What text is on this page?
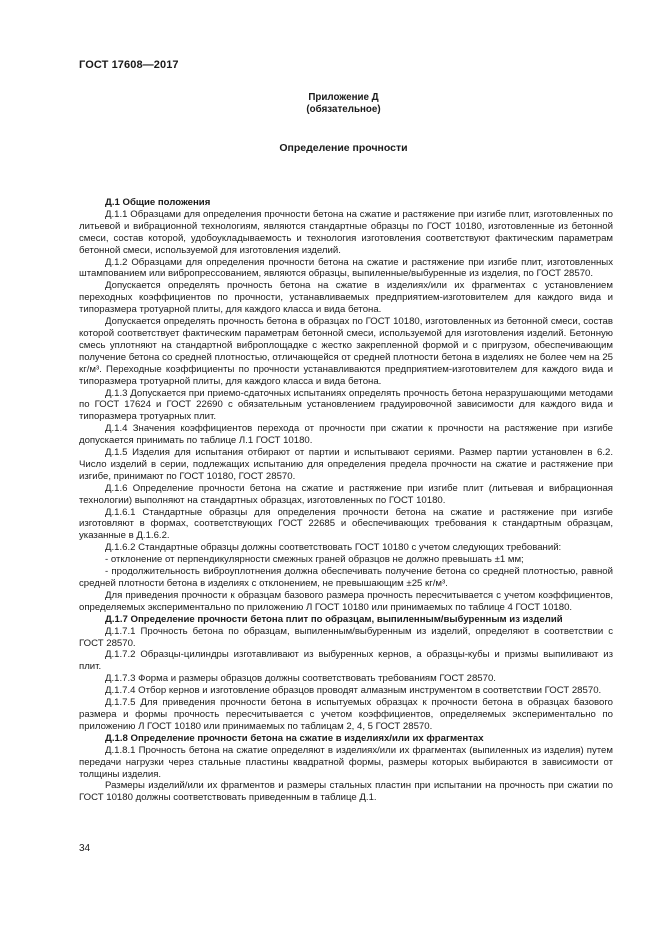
ГОСТ 17608—2017
Приложение Д
(обязательное)
Определение прочности

Д.1 Общие положения

Д.1.1 Образцами для определения прочности бетона на сжатие и растяжение при изгибе плит, изготовленных по литьевой и вибрационной технологиям, являются стандартные образцы по ГОСТ 10180, изготовленные из бетонной смеси, состав которой, удобоукладываемость и технология изготовления соответствуют фактическим параметрам бетонной смеси, используемой для изготовления изделий.

Д.1.2 Образцами для определения прочности бетона на сжатие и растяжение при изгибе плит, изготовленных штампованием или вибропрессованием, являются образцы, выпиленные/выбуренные из изделия, по ГОСТ 28570.

Допускается определять прочность бетона на сжатие в изделиях/или их фрагментах с установлением переходных коэффициентов по прочности, устанавливаемых предприятием-изготовителем для каждого вида и типоразмера тротуарной плиты, для каждого класса и вида бетона.

Допускается определять прочность бетона в образцах по ГОСТ 10180, изготовленных из бетонной смеси, состав которой соответствует фактическим параметрам бетонной смеси, используемой для изготовления изделий. Бетонную смесь уплотняют на стандартной виброплощадке с жестко закрепленной формой и с пригрузом, обеспечивающим получение бетона со средней плотностью, отличающейся от средней плотности бетона в изделиях не более чем на 25 кг/м³. Переходные коэффициенты по прочности устанавливаются предприятием-изготовителем для каждого вида и типоразмера тротуарной плиты, для каждого класса и вида бетона.

Д.1.3 Допускается при приемо-сдаточных испытаниях определять прочность бетона неразрушающими методами по ГОСТ 17624 и ГОСТ 22690 с обязательным установлением градуировочной зависимости для каждого вида и типоразмера тротуарных плит.

Д.1.4 Значения коэффициентов перехода от прочности при сжатии к прочности на растяжение при изгибе допускается принимать по таблице Л.1 ГОСТ 10180.

Д.1.5 Изделия для испытания отбирают от партии и испытывают сериями. Размер партии установлен в 6.2. Число изделий в серии, подлежащих испытанию для определения предела прочности на сжатие и растяжение при изгибе, принимают по ГОСТ 10180, ГОСТ 28570.

Д.1.6 Определение прочности бетона на сжатие и растяжение при изгибе плит (литьевая и вибрационная технологии) выполняют на стандартных образцах, изготовленных по ГОСТ 10180.

Д.1.6.1 Стандартные образцы для определения прочности бетона на сжатие и растяжение при изгибе изготовляют в формах, соответствующих ГОСТ 22685 и обеспечивающих требования к стандартным образцам, указанные в Д.1.6.2.

Д.1.6.2 Стандартные образцы должны соответствовать ГОСТ 10180 с учетом следующих требований:

- отклонение от перпендикулярности смежных граней образцов не должно превышать ±1 мм;

- продолжительность виброуплотнения должна обеспечивать получение бетона со средней плотностью, равной средней плотности бетона в изделиях с отклонением, не превышающим ±25 кг/м³.

Для приведения прочности к образцам базового размера прочность пересчитывается с учетом коэффициентов, определяемых экспериментально по приложению Л ГОСТ 10180 или принимаемых по таблице 4 ГОСТ 10180.

Д.1.7 Определение прочности бетона плит по образцам, выпиленным/выбуренным из изделий

Д.1.7.1 Прочность бетона по образцам, выпиленным/выбуренным из изделий, определяют в соответствии с ГОСТ 28570.

Д.1.7.2 Образцы-цилиндры изготавливают из выбуренных кернов, а образцы-кубы и призмы выпиливают из плит.

Д.1.7.3 Форма и размеры образцов должны соответствовать требованиям ГОСТ 28570.

Д.1.7.4 Отбор кернов и изготовление образцов проводят алмазным инструментом в соответствии ГОСТ 28570.

Д.1.7.5 Для приведения прочности бетона в испытуемых образцах к прочности бетона в образцах базового размера и формы прочность пересчитывается с учетом коэффициентов, определяемых экспериментально по приложению Л ГОСТ 10180 или принимаемых по таблицам 2, 4, 5 ГОСТ 28570.

Д.1.8 Определение прочности бетона на сжатие в изделиях/или их фрагментах

Д.1.8.1 Прочность бетона на сжатие определяют в изделиях/или их фрагментах (выпиленных из изделия) путем передачи нагрузки через стальные пластины квадратной формы, размеры которых выбираются в зависимости от толщины изделия.

Размеры изделий/или их фрагментов и размеры стальных пластин при испытании на прочность при сжатии по ГОСТ 10180 должны соответствовать приведенным в таблице Д.1.

34
